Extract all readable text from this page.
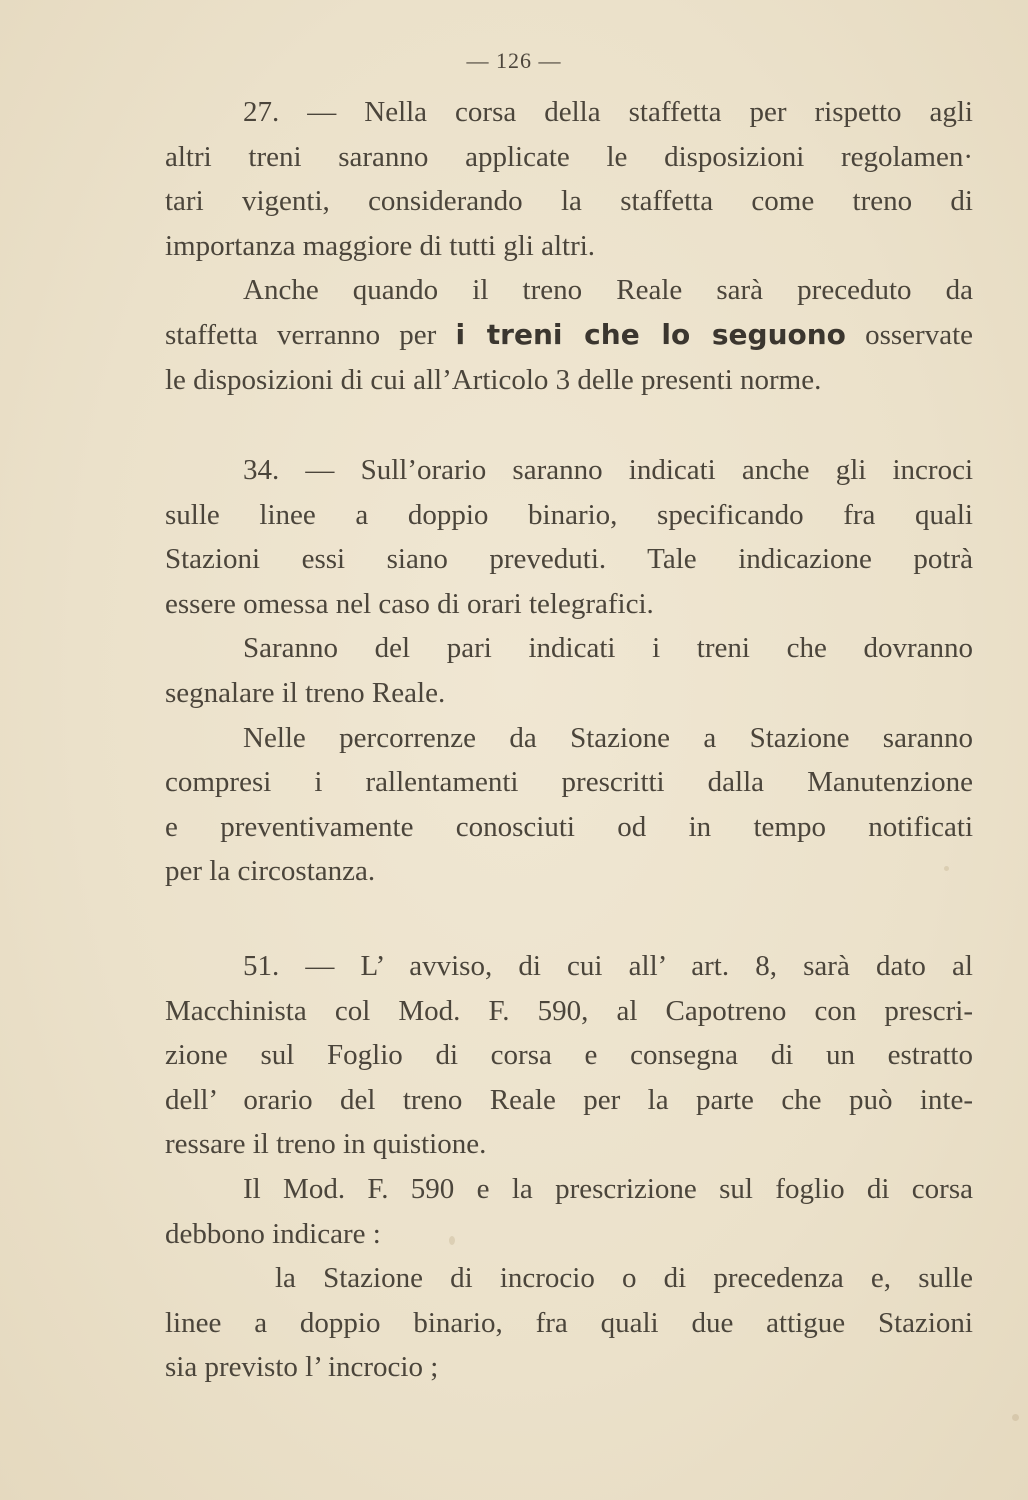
— 126 —
27. — Nella corsa della staffetta per rispetto agli
altri treni saranno applicate le disposizioni regolamen·
tari vigenti, considerando la staffetta come treno di
importanza maggiore di tutti gli altri.
Anche quando il treno Reale sarà preceduto da
staffetta verranno per i treni che lo seguono osservate
le disposizioni di cui all’Articolo 3 delle presenti norme.
34. — Sull’orario saranno indicati anche gli incroci
sulle linee a doppio binario, specificando fra quali
Stazioni essi siano preveduti. Tale indicazione potrà
essere omessa nel caso di orari telegrafici.
Saranno del pari indicati i treni che dovranno
segnalare il treno Reale.
Nelle percorrenze da Stazione a Stazione saranno
compresi i rallentamenti prescritti dalla Manutenzione
e preventivamente conosciuti od in tempo notificati
per la circostanza.
51. — L’ avviso, di cui all’ art. 8, sarà dato al
Macchinista col Mod. F. 590, al Capotreno con prescri-
zione sul Foglio di corsa e consegna di un estratto
dell’ orario del treno Reale per la parte che può inte-
ressare il treno in quistione.
Il Mod. F. 590 e la prescrizione sul foglio di corsa
debbono indicare :
la Stazione di incrocio o di precedenza e, sulle
linee a doppio binario, fra quali due attigue Stazioni
sia previsto l’ incrocio ;
